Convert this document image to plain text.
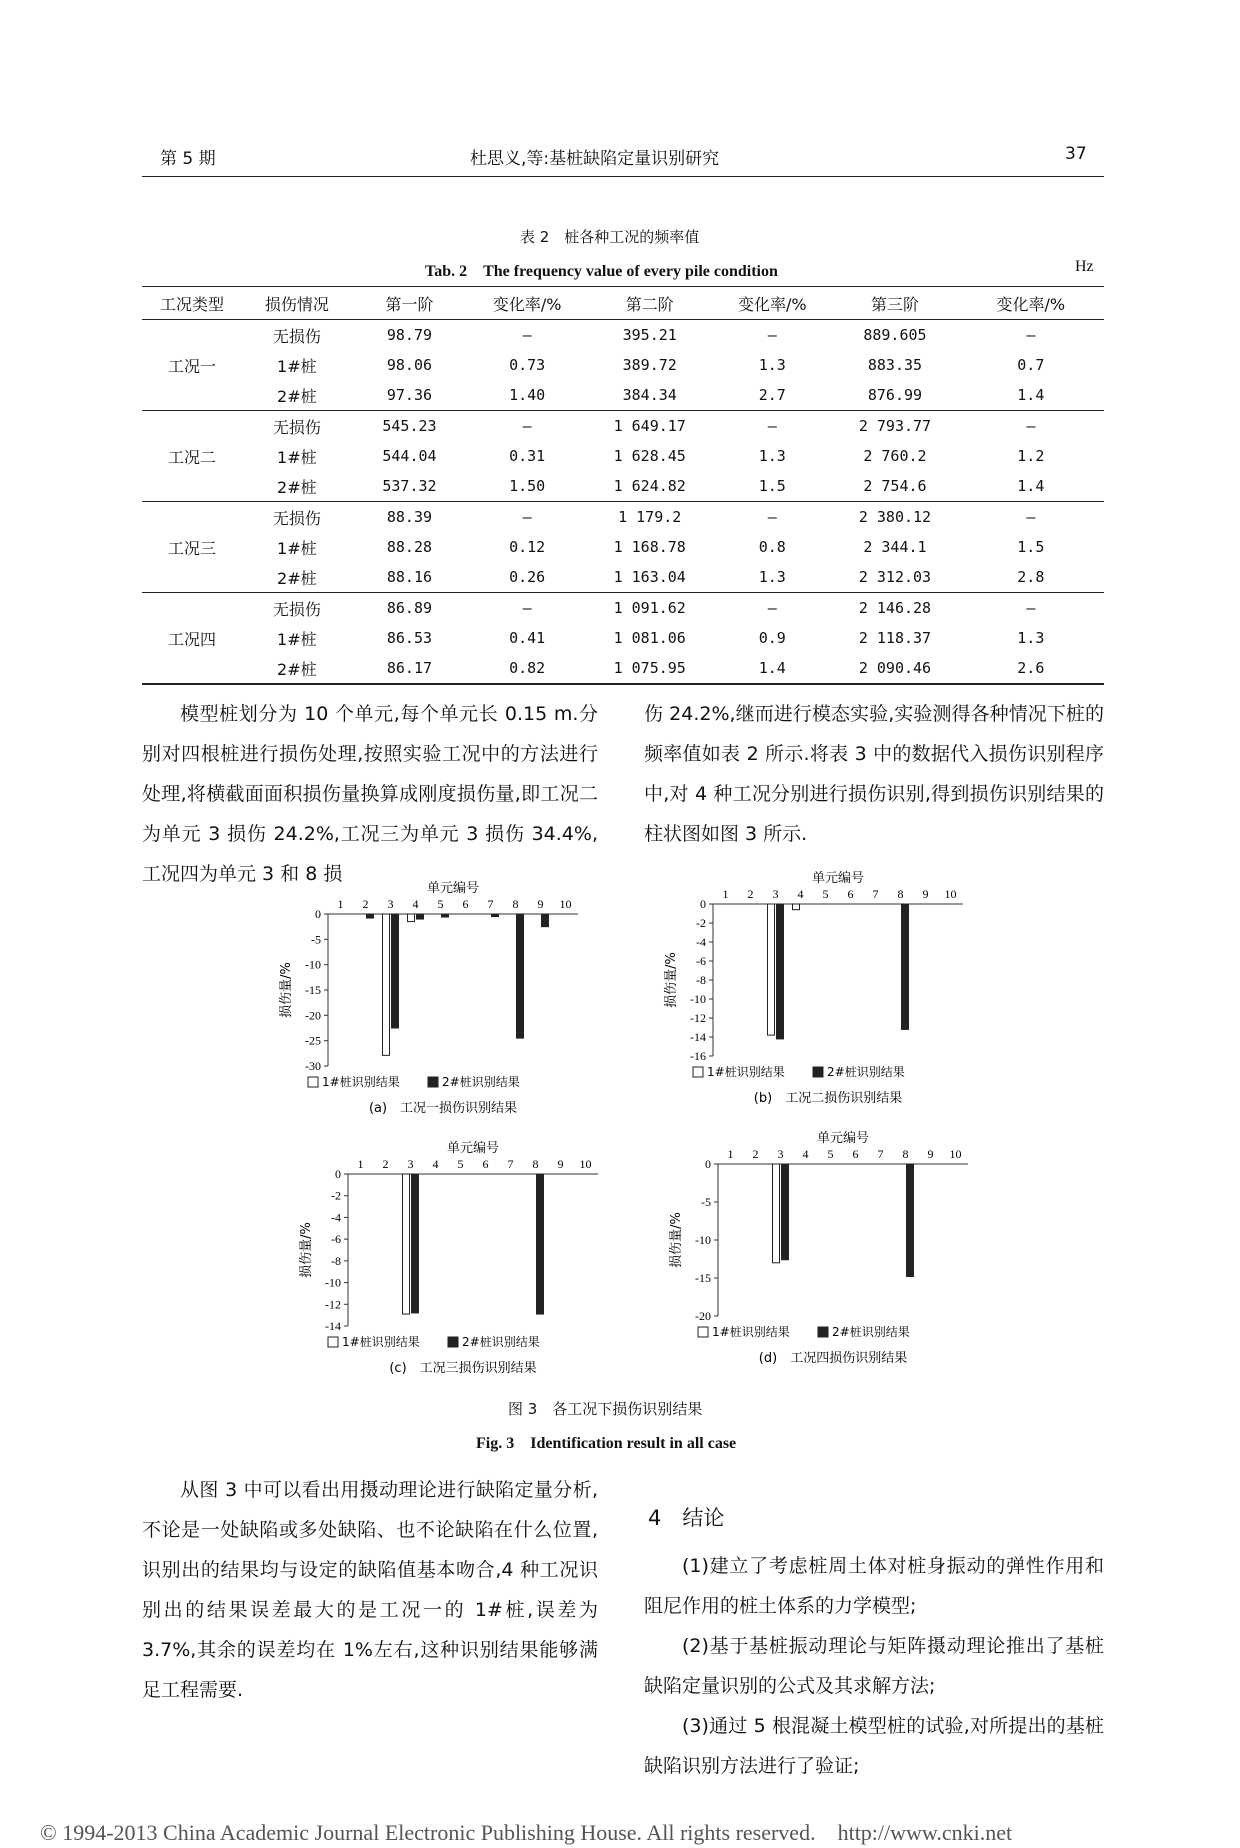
第 5 期	杜思义,等:基桩缺陷定量识别研究	37
表 2　桩各种工况的频率值
Tab. 2　The frequency value of every pile condition	Hz
工况类型	损伤情况	第一阶	变化率/%	第二阶	变化率/%	第三阶	变化率/%
工况一	无损伤	98.79	—	395.21	—	889.605	—
	1#桩	98.06	0.73	389.72	1.3	883.35	0.7
	2#桩	97.36	1.40	384.34	2.7	876.99	1.4
工况二	无损伤	545.23	—	1 649.17	—	2 793.77	—
	1#桩	544.04	0.31	1 628.45	1.3	2 760.2	1.2
	2#桩	537.32	1.50	1 624.82	1.5	2 754.6	1.4
工况三	无损伤	88.39	—	1 179.2	—	2 380.12	—
	1#桩	88.28	0.12	1 168.78	0.8	2 344.1	1.5
	2#桩	88.16	0.26	1 163.04	1.3	2 312.03	2.8
工况四	无损伤	86.89	—	1 091.62	—	2 146.28	—
	1#桩	86.53	0.41	1 081.06	0.9	2 118.37	1.3
	2#桩	86.17	0.82	1 075.95	1.4	2 090.46	2.6

模型桩划分为 10 个单元,每个单元长 0.15 m.分别对四根桩进行损伤处理,按照实验工况中的方法进行处理,将横截面面积损伤量换算成刚度损伤量,即工况二为单元 3 损伤 24.2%,工况三为单元 3 损伤 34.4%,工况四为单元 3 和 8 损

伤 24.2%,继而进行模态实验,实验测得各种情况下桩的频率值如表 2 所示.将表 3 中的数据代入损伤识别程序中,对 4 种工况分别进行损伤识别,得到损伤识别结果的柱状图如图 3 所示.

单元编号
1 2 3 4 5 6 7 8 9 10
0
-5
-10
-15
-20
-25
-30
损伤量/%
1#桩识别结果	2#桩识别结果
(a)　工况一损伤识别结果
单元编号
1 2 3 4 5 6 7 8 9 10
0
-2
-4
-6
-8
-10
-12
-14
-16
损伤量/%
1#桩识别结果	2#桩识别结果
(b)　工况二损伤识别结果
单元编号
1 2 3 4 5 6 7 8 9 10
0
-2
-4
-6
-8
-10
-12
-14
损伤量/%
1#桩识别结果	2#桩识别结果
(c)　工况三损伤识别结果
单元编号
1 2 3 4 5 6 7 8 9 10
0
-5
-10
-15
-20
损伤量/%
1#桩识别结果	2#桩识别结果
(d)　工况四损伤识别结果
图 3　各工况下损伤识别结果
Fig. 3　Identification result in all case

从图 3 中可以看出用摄动理论进行缺陷定量分析,不论是一处缺陷或多处缺陷、也不论缺陷在什么位置,识别出的结果均与设定的缺陷值基本吻合,4 种工况识别出的结果误差最大的是工况一的 1#桩,误差为 3.7%,其余的误差均在 1%左右,这种识别结果能够满足工程需要.

4　结论

(1)建立了考虑桩周土体对桩身振动的弹性作用和阻尼作用的桩土体系的力学模型;

(2)基于基桩振动理论与矩阵摄动理论推出了基桩缺陷定量识别的公式及其求解方法;

(3)通过 5 根混凝土模型桩的试验,对所提出的基桩缺陷识别方法进行了验证;

© 1994-2013 China Academic Journal Electronic Publishing House. All rights reserved.    http://www.cnki.net
